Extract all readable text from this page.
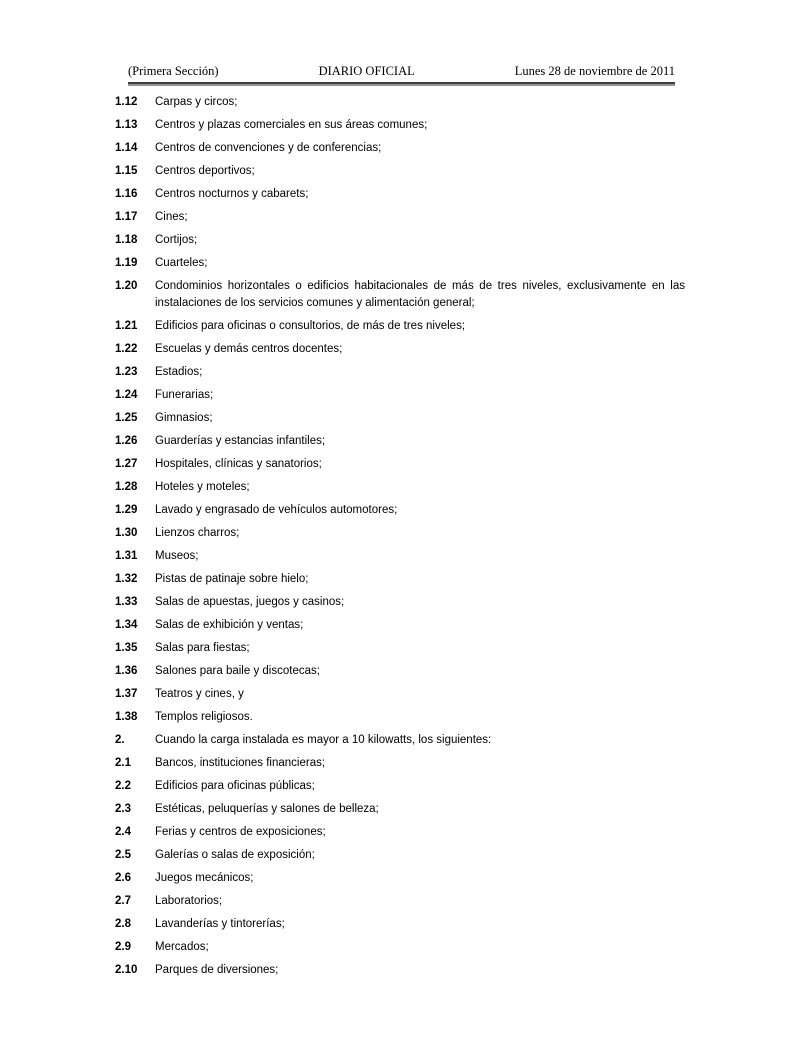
(Primera Sección)	DIARIO OFICIAL	Lunes 28 de noviembre de 2011
1.12	Carpas y circos;
1.13	Centros y plazas comerciales en sus áreas comunes;
1.14	Centros de convenciones y de conferencias;
1.15	Centros deportivos;
1.16	Centros nocturnos y cabarets;
1.17	Cines;
1.18	Cortijos;
1.19	Cuarteles;
1.20	Condominios horizontales o edificios habitacionales de más de tres niveles, exclusivamente en las instalaciones de los servicios comunes y alimentación general;
1.21	Edificios para oficinas o consultorios, de más de tres niveles;
1.22	Escuelas y demás centros docentes;
1.23	Estadios;
1.24	Funerarias;
1.25	Gimnasios;
1.26	Guarderías y estancias infantiles;
1.27	Hospitales, clínicas y sanatorios;
1.28	Hoteles y moteles;
1.29	Lavado y engrasado de vehículos automotores;
1.30	Lienzos charros;
1.31	Museos;
1.32	Pistas de patinaje sobre hielo;
1.33	Salas de apuestas, juegos y casinos;
1.34	Salas de exhibición y ventas;
1.35	Salas para fiestas;
1.36	Salones para baile y discotecas;
1.37	Teatros y cines, y
1.38	Templos religiosos.
2.	Cuando la carga instalada es mayor a 10 kilowatts, los siguientes:
2.1	Bancos, instituciones financieras;
2.2	Edificios para oficinas públicas;
2.3	Estéticas, peluquerías y salones de belleza;
2.4	Ferias y centros de exposiciones;
2.5	Galerías o salas de exposición;
2.6	Juegos mecánicos;
2.7	Laboratorios;
2.8	Lavanderías y tintorerías;
2.9	Mercados;
2.10	Parques de diversiones;
